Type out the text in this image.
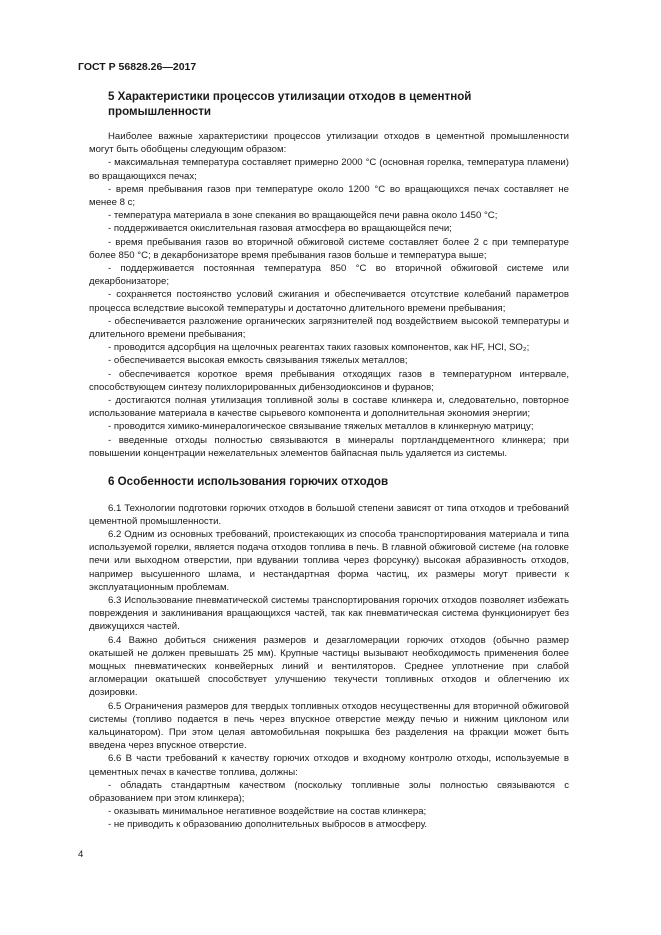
ГОСТ Р 56828.26—2017
5 Характеристики процессов утилизации отходов в цементной промышленности

Наиболее важные характеристики процессов утилизации отходов в цементной промышленности могут быть обобщены следующим образом:

- максимальная температура составляет примерно 2000 °С (основная горелка, температура пламени) во вращающихся печах;

- время пребывания газов при температуре около 1200 °С во вращающихся печах составляет не менее 8 с;

- температура материала в зоне спекания во вращающейся печи равна около 1450 °С;

- поддерживается окислительная газовая атмосфера во вращающейся печи;

- время пребывания газов во вторичной обжиговой системе составляет более 2 с при температуре более 850 °С; в декарбонизаторе время пребывания газов больше и температура выше;

- поддерживается постоянная температура 850 °С во вторичной обжиговой системе или декарбонизаторе;

- сохраняется постоянство условий сжигания и обеспечивается отсутствие колебаний параметров процесса вследствие высокой температуры и достаточно длительного времени пребывания;

- обеспечивается разложение органических загрязнителей под воздействием высокой температуры и длительного времени пребывания;

- проводится адсорбция на щелочных реагентах таких газовых компонентов, как HF, HCl, SO₂;

- обеспечивается высокая емкость связывания тяжелых металлов;

- обеспечивается короткое время пребывания отходящих газов в температурном интервале, способствующем синтезу полихлорированных дибензодиоксинов и фуранов;

- достигаются полная утилизация топливной золы в составе клинкера и, следовательно, повторное использование материала в качестве сырьевого компонента и дополнительная экономия энергии;

- проводится химико-минералогическое связывание тяжелых металлов в клинкерную матрицу;

- введенные отходы полностью связываются в минералы портландцементного клинкера; при повышении концентрации нежелательных элементов байпасная пыль удаляется из системы.

6 Особенности использования горючих отходов

6.1 Технологии подготовки горючих отходов в большой степени зависят от типа отходов и требований цементной промышленности.

6.2 Одним из основных требований, проистекающих из способа транспортирования материала и типа используемой горелки, является подача отходов топлива в печь. В главной обжиговой системе (на головке печи или выходном отверстии, при вдувании топлива через форсунку) высокая абразивность отходов, например высушенного шлама, и нестандартная форма частиц, их размеры могут привести к эксплуатационным проблемам.

6.3 Использование пневматической системы транспортирования горючих отходов позволяет избежать повреждения и заклинивания вращающихся частей, так как пневматическая система функционирует без движущихся частей.

6.4 Важно добиться снижения размеров и дезагломерации горючих отходов (обычно размер окатышей не должен превышать 25 мм). Крупные частицы вызывают необходимость применения более мощных пневматических конвейерных линий и вентиляторов. Среднее уплотнение при слабой агломерации окатышей способствует улучшению текучести топливных отходов и облегчению их дозировки.

6.5 Ограничения размеров для твердых топливных отходов несущественны для вторичной обжиговой системы (топливо подается в печь через впускное отверстие между печью и нижним циклоном или кальцинатором). При этом целая автомобильная покрышка без разделения на фракции может быть введена через впускное отверстие.

6.6 В части требований к качеству горючих отходов и входному контролю отходы, используемые в цементных печах в качестве топлива, должны:

- обладать стандартным качеством (поскольку топливные золы полностью связываются с образованием при этом клинкера);

- оказывать минимальное негативное воздействие на состав клинкера;

- не приводить к образованию дополнительных выбросов в атмосферу.

4
